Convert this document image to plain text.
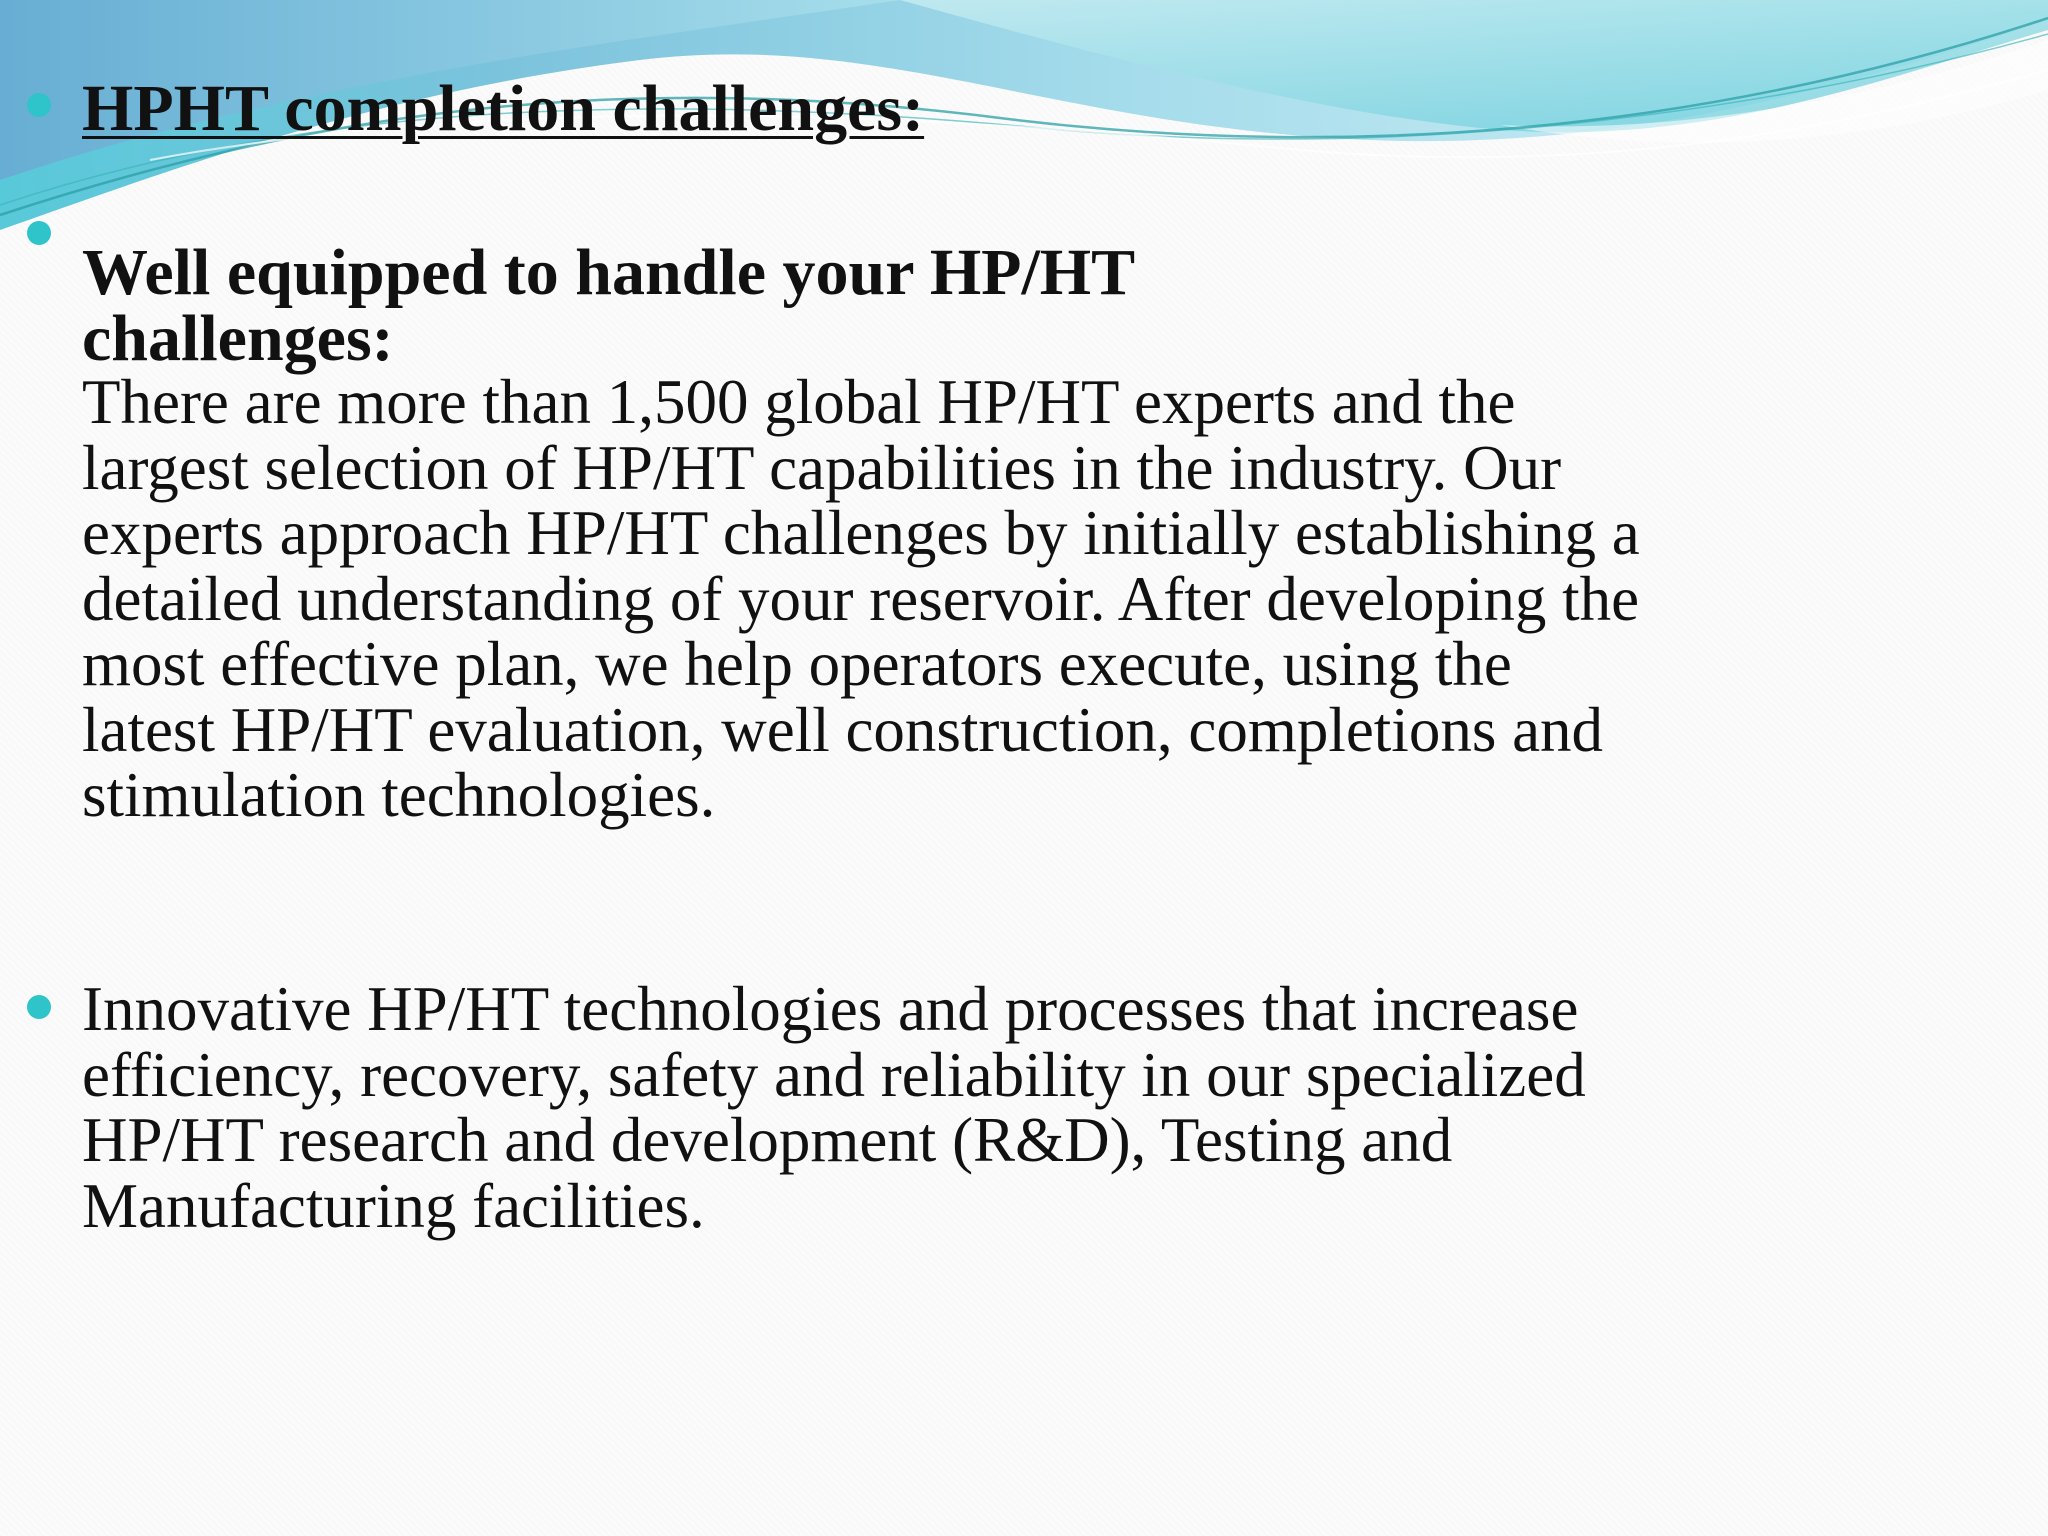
HPHT completion challenges:

Well equipped to handle your HP/HT challenges:

There are more than 1,500 global HP/HT experts and the largest selection of HP/HT capabilities in the industry. Our experts approach HP/HT challenges by initially establishing a detailed understanding of your reservoir. After developing the most effective plan, we help operators execute, using the latest HP/HT evaluation, well construction, completions and stimulation technologies.

Innovative HP/HT technologies and processes that increase efficiency, recovery, safety and reliability in our specialized HP/HT research and development (R&D), Testing and Manufacturing facilities.
